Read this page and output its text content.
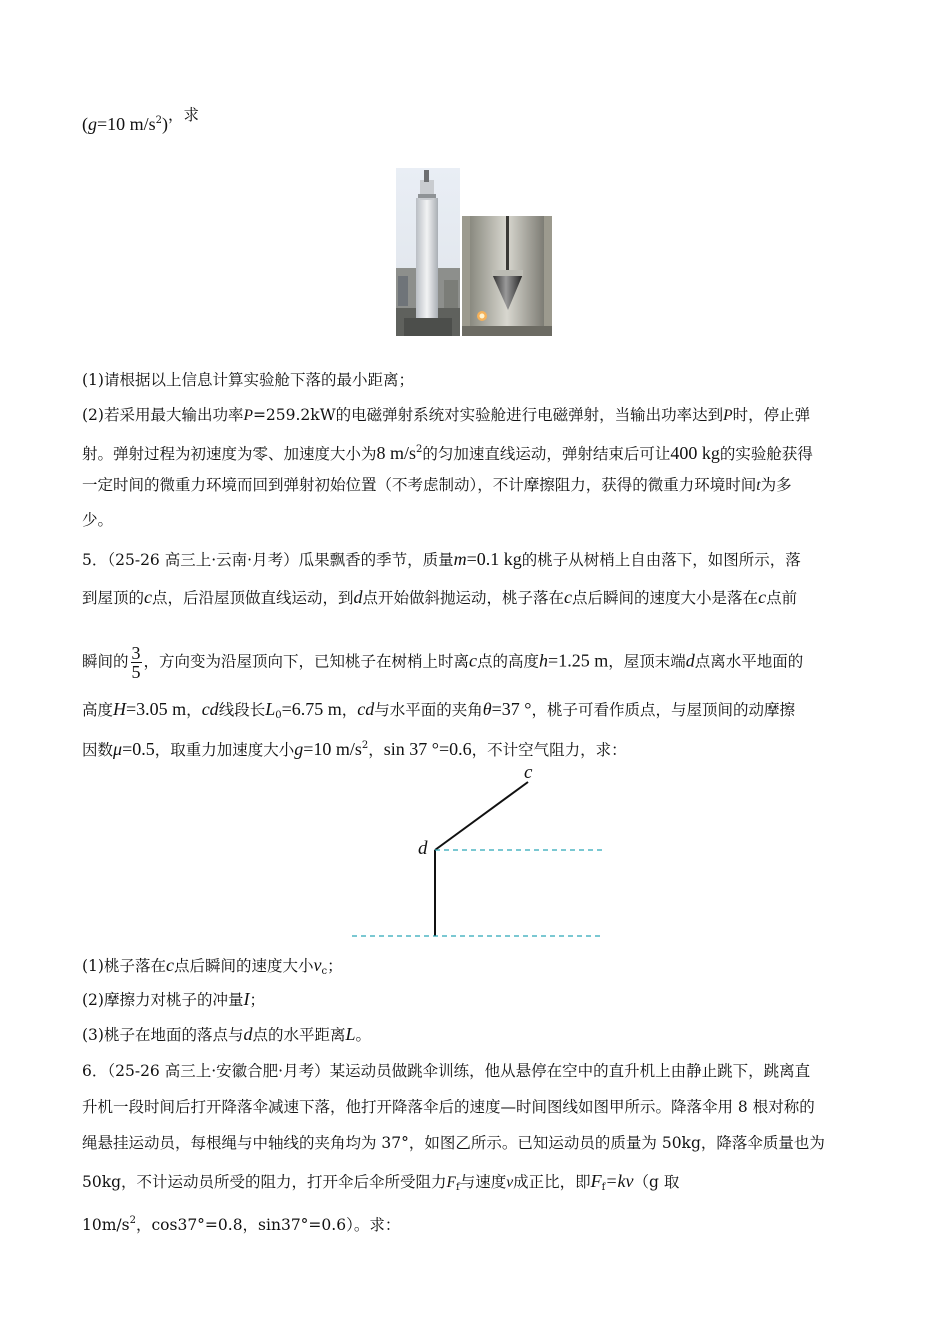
(g=10 $m/s^2$)，求
(1)请根据以上信息计算实验舱下落的最小距离；
(2)若采用最大输出功率P=259.2kW的电磁弹射系统对实验舱进行电磁弹射，当输出功率达到P时，停止弹
射。弹射过程为初速度为零、加速度大小为8 $m/s^2$的匀加速直线运动，弹射结束后可让400 kg的实验舱获得
一定时间的微重力环境而回到弹射初始位置（不考虑制动），不计摩擦阻力，获得的微重力环境时间t为多
少。
5．（25-26 高三上·云南·月考）瓜果飘香的季节，质量m=0.1 kg的桃子从树梢上自由落下，如图所示，落
到屋顶的c点，后沿屋顶做直线运动，到d点开始做斜抛运动，桃子落在c点后瞬间的速度大小是落在c点前
瞬间的 $\frac{3}{5}$ ，方向变为沿屋顶向下，已知桃子在树梢上时离c点的高度h=1.25 m，屋顶末端d点离水平地面的
高度H=3.05 m，cd线段长$L_0=6.75$ m，cd与水平面的夹角θ=37 °，桃子可看作质点，与屋顶间的动摩擦
因数μ=0.5，取重力加速度大小g=10 $m/s^2$，sin 37 °=0.6，不计空气阻力，求：
c
d
(1)桃子落在c点后瞬间的速度大小$v_c$；
(2)摩擦力对桃子的冲量I；
(3)桃子在地面的落点与d点的水平距离L。
6．（25-26 高三上·安徽合肥·月考）某运动员做跳伞训练，他从悬停在空中的直升机上由静止跳下，跳离直
升机一段时间后打开降落伞减速下落，他打开降落伞后的速度—时间图线如图甲所示。降落伞用 8 根对称的
绳悬挂运动员，每根绳与中轴线的夹角均为 37°，如图乙所示。已知运动员的质量为 50kg，降落伞质量也为
50kg，不计运动员所受的阻力，打开伞后伞所受阻力$F_f$与速度v成正比，即$F_f=kv(g$ 取
$10m/s^2$，cos37°=0.8，sin37°=0.6）。求：
